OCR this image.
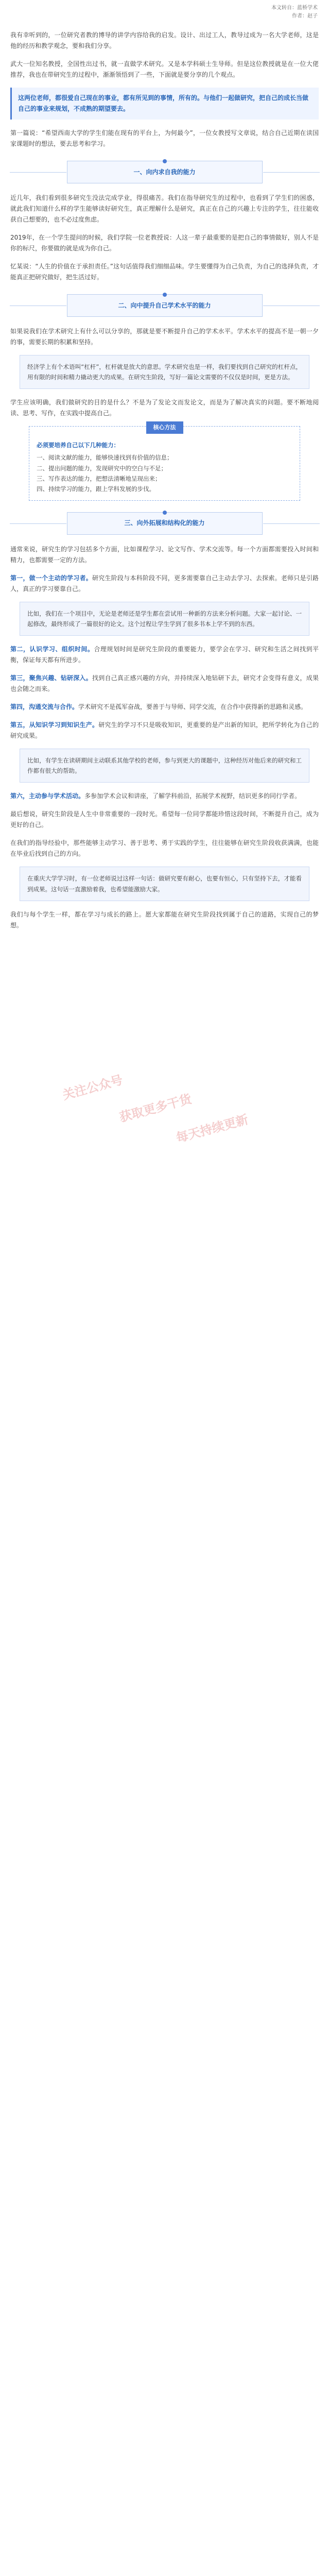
本文转自：蓝桥学术
作者：赵子

我有幸听到的，一位研究者教的博导的讲学内容给我的启发。设计、出过工人，教导过成为一名大学老师，这是他的经历和教学观念，要和我们分享。

武大一位知名教授，全国性出过书，就一直做学术研究。又是本学科硕士生导师。但是这位教授就是在一位大佬推荐，我也在带研究生的过程中，渐渐领悟到了一些，下面就是要分享的几个观点。

这两位老师，都很爱自己现在的事业，都有所见到的事情，所有的。与他们一起做研究，把自己的成长当做自己的事业来规划，不成熟的期望要去。

第一篇说：“希望西南大学的学生们能在现有的平台上，为何最今”，一位女教授写文章说，结合自己近期在读国家课题时的想法，要去思考和学习。

一、向内求自我的能力

近几年，我们看到很多研究生没法完成学业，得很痛苦。我们在指导研究生的过程中，也看到了学生们的困惑，就此我们知道什么样的学生能够读好研究生，真正理解什么是研究，真正在自己的兴趣上专注的学生，往往能收获自己想要的，也不必过度焦虑。

2019年，在一个学生提问的时候，我们学院一位老教授说：人这一辈子最重要的是把自己的事情做好，别人不是你的标尺，你要做的就是成为你自己。

忆某说：“人生的价值在于承担责任。”这句话值得我们细细品味。学生要懂得为自己负责，为自己的选择负责，才能真正把研究做好，把生活过好。

二、向中提升自己学术水平的能力

如果说我们在学术研究上有什么可以分享的，那就是要不断提升自己的学术水平。学术水平的提高不是一朝一夕的事，需要长期的积累和坚持。

经济学上有个术语叫“杠杆”，杠杆就是放大的意思。学术研究也是一样，我们要找到自己研究的杠杆点，用有限的时间和精力撬动更大的成果。在研究生阶段，写好一篇论文需要的不仅仅是时间，更是方法。

学生应该明确，我们做研究的目的是什么？不是为了发论文而发论文，而是为了解决真实的问题。要不断地阅读、思考、写作，在实践中提高自己。

核心方法
必须要培养自己以下几种能力：
一、阅读文献的能力，能够快速找到有价值的信息；
二、提出问题的能力，发现研究中的空白与不足；
三、写作表达的能力，把想法清晰地呈现出来；
四、持续学习的能力，跟上学科发展的步伐。
三、向外拓展和结构化的能力

通常来说，研究生的学习包括多个方面，比如课程学习、论文写作、学术交流等。每一个方面都需要投入时间和精力，也都需要一定的方法。

第一，做一个主动的学习者。研究生阶段与本科阶段不同，更多需要靠自己主动去学习、去探索。老师只是引路人，真正的学习要靠自己。

比如，我们在一个项目中，无论是老师还是学生都在尝试用一种新的方法来分析问题。大家一起讨论、一起修改，最终形成了一篇很好的论文。这个过程让学生学到了很多书本上学不到的东西。

第二，认识学习、组织时间。合理规划时间是研究生阶段的重要能力，要学会在学习、研究和生活之间找到平衡，保证每天都有所进步。

第三，聚焦兴趣、钻研深入。找到自己真正感兴趣的方向，并持续深入地钻研下去，研究才会变得有意义，成果也会随之而来。

第四，沟通交流与合作。学术研究不是孤军奋战，要善于与导师、同学交流，在合作中获得新的思路和灵感。

第五，从知识学习到知识生产。研究生的学习不只是吸收知识，更重要的是产出新的知识，把所学转化为自己的研究成果。

比如，有学生在读研期间主动联系其他学校的老师，参与到更大的课题中，这种经历对他后来的研究和工作都有很大的帮助。

第六，主动参与学术活动。多参加学术会议和讲座，了解学科前沿，拓展学术视野，结识更多的同行学者。

最后想说，研究生阶段是人生中非常重要的一段时光。希望每一位同学都能珍惜这段时间，不断提升自己，成为更好的自己。

在我们的指导经验中，那些能够主动学习、善于思考、勇于实践的学生，往往能够在研究生阶段收获满满，也能在毕业后找到自己的方向。

在重庆大学学习时，有一位老师说过这样一句话：做研究要有耐心，也要有恒心，只有坚持下去，才能看到成果。这句话一直激励着我，也希望能激励大家。

我们与每个学生一样，都在学习与成长的路上。愿大家都能在研究生阶段找到属于自己的道路，实现自己的梦想。

关注公众号
获取更多干货
每天持续更新
